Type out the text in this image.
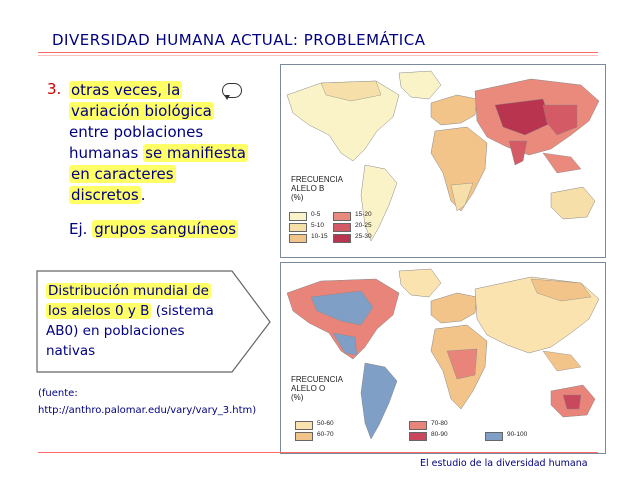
DIVERSIDAD HUMANA ACTUAL: PROBLEMÁTICA
3. otras veces, la
variación biológica
entre poblaciones
humanas se manifiesta
en caracteres
discretos .
Ej. grupos sanguíneos
Distribución mundial de
los alelos 0 y B (sistema
AB0) en poblaciones
nativas
(fuente:
http://anthro.palomar.edu/vary/vary_3.htm)
FRECUENCIA
ALELO B
(%)
0-5
5-10
10-15
15-20
20-25
25-30
FRECUENCIA
ALELO O
(%)
50-60
60-70
70-80
80-90	90-100
El estudio de la diversidad humana
